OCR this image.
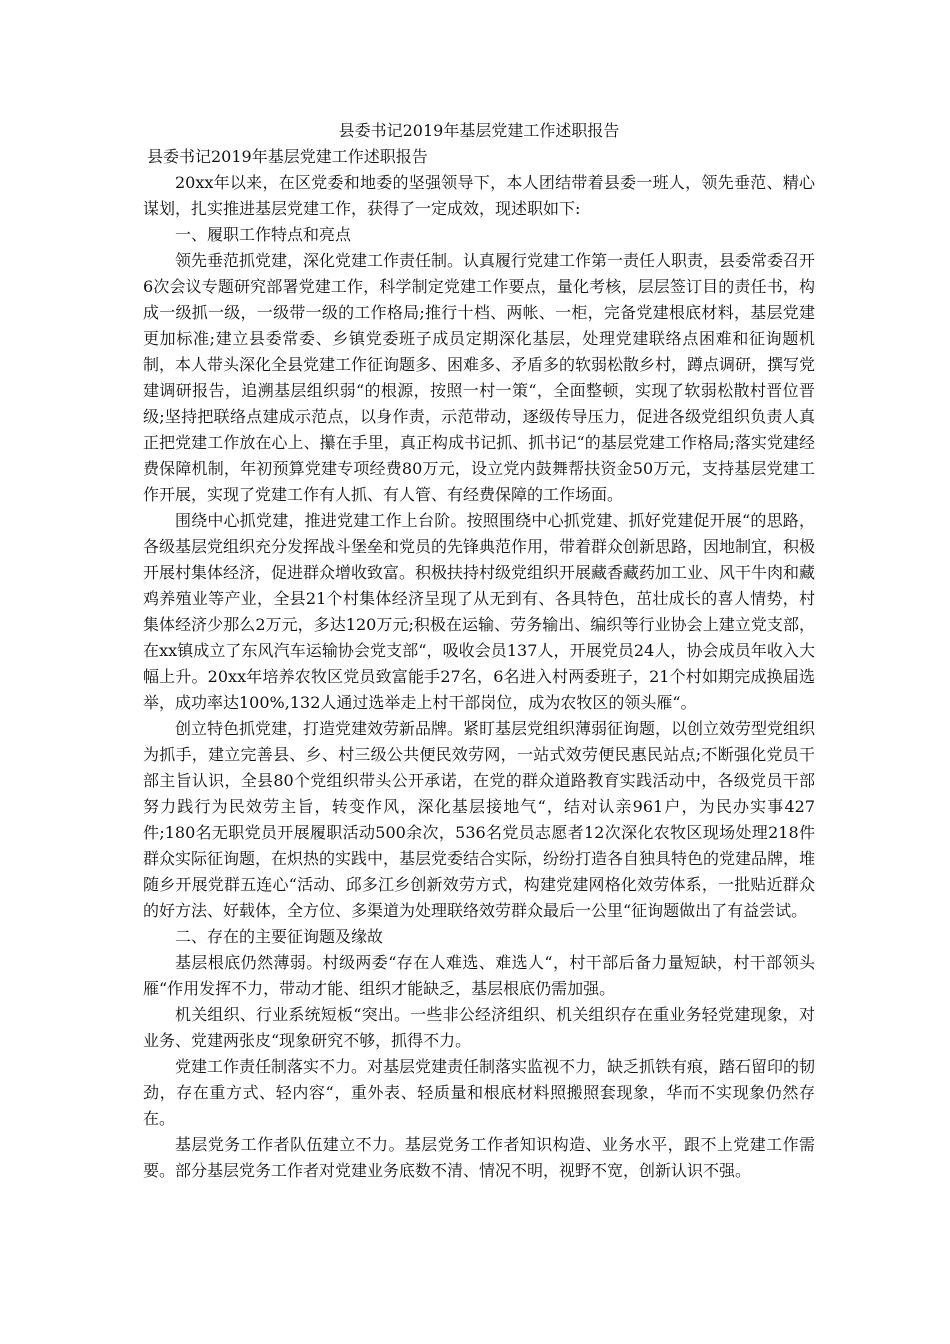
县委书记2019年基层党建工作述职报告
县委书记2019年基层党建工作述职报告

20xx年以来，在区党委和地委的坚强领导下，本人团结带着县委一班人，领先垂范、精心谋划，扎实推进基层党建工作，获得了一定成效，现述职如下:

一、履职工作特点和亮点

领先垂范抓党建，深化党建工作责任制。认真履行党建工作第一责任人职责，县委常委召开6次会议专题研究部署党建工作，科学制定党建工作要点，量化考核，层层签订目的责任书，构成一级抓一级，一级带一级的工作格局;推行十档、两帐、一柜，完备党建根底材料，基层党建更加标准;建立县委常委、乡镇党委班子成员定期深化基层，处理党建联络点困难和征询题机制，本人带头深化全县党建工作征询题多、困难多、矛盾多的软弱松散乡村，蹲点调研，撰写党建调研报告，追溯基层组织弱“的根源，按照一村一策“，全面整顿，实现了软弱松散村晋位晋级;坚持把联络点建成示范点，以身作责，示范带动，逐级传导压力，促进各级党组织负责人真正把党建工作放在心上、攥在手里，真正构成书记抓、抓书记“的基层党建工作格局;落实党建经费保障机制，年初预算党建专项经费80万元，设立党内鼓舞帮扶资金50万元，支持基层党建工作开展，实现了党建工作有人抓、有人管、有经费保障的工作场面。

围绕中心抓党建，推进党建工作上台阶。按照围绕中心抓党建、抓好党建促开展“的思路，各级基层党组织充分发挥战斗堡垒和党员的先锋典范作用，带着群众创新思路，因地制宜，积极开展村集体经济，促进群众增收致富。积极扶持村级党组织开展藏香藏药加工业、风干牛肉和藏鸡养殖业等产业，全县21个村集体经济呈现了从无到有、各具特色，茁壮成长的喜人情势，村集体经济少那么2万元，多达120万元;积极在运输、劳务输出、编织等行业协会上建立党支部，在xx镇成立了东风汽车运输协会党支部“，吸收会员137人，开展党员24人，协会成员年收入大幅上升。20xx年培养农牧区党员致富能手27名，6名进入村两委班子，21个村如期完成换届选举，成功率达100%,132人通过选举走上村干部岗位，成为农牧区的领头雁“。

创立特色抓党建，打造党建效劳新品牌。紧盯基层党组织薄弱征询题，以创立效劳型党组织为抓手，建立完善县、乡、村三级公共便民效劳网，一站式效劳便民惠民站点;不断强化党员干部主旨认识，全县80个党组织带头公开承诺，在党的群众道路教育实践活动中，各级党员干部努力践行为民效劳主旨，转变作风，深化基层接地气“，结对认亲961户，为民办实事427件;180名无职党员开展履职活动500余次，536名党员志愿者12次深化农牧区现场处理218件群众实际征询题，在炽热的实践中，基层党委结合实际，纷纷打造各自独具特色的党建品牌，堆随乡开展党群五连心“活动、邱多江乡创新效劳方式，构建党建网格化效劳体系，一批贴近群众的好方法、好载体，全方位、多渠道为处理联络效劳群众最后一公里“征询题做出了有益尝试。

二、存在的主要征询题及缘故

基层根底仍然薄弱。村级两委“存在人难选、难选人“，村干部后备力量短缺，村干部领头雁“作用发挥不力，带动才能、组织才能缺乏，基层根底仍需加强。

机关组织、行业系统短板“突出。一些非公经济组织、机关组织存在重业务轻党建现象，对业务、党建两张皮“现象研究不够，抓得不力。

党建工作责任制落实不力。对基层党建责任制落实监视不力，缺乏抓铁有痕，踏石留印的韧劲，存在重方式、轻内容“，重外表、轻质量和根底材料照搬照套现象，华而不实现象仍然存在。

基层党务工作者队伍建立不力。基层党务工作者知识构造、业务水平，跟不上党建工作需要。部分基层党务工作者对党建业务底数不清、情况不明，视野不宽，创新认识不强。
